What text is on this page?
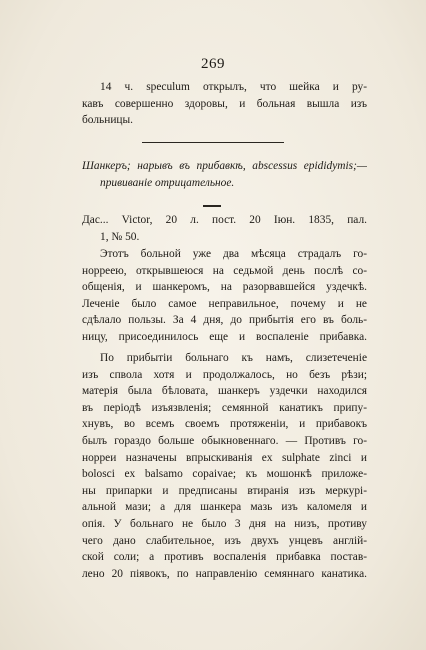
269
14 ч. speculum открылъ, что шейка и ру-
кавъ совершенно здоровы, и больная вышла изъ
больницы.
Шанкеръ; нарывъ въ прибавкѣ, abscessus epididymis;—
прививаніе отрицательное.
Дас... Victor, 20 л. пост. 20 Іюн. 1835, пал.
1, № 50.
Этотъ больной уже два мѣсяца страдалъ го-
норреею, открывшеюся на седьмой день послѣ со-
общенія, и шанкеромъ, на разорвавшейся уздечкѣ.
Леченіе было самое неправильное, почему и не
сдѣлало пользы. За 4 дня, до прибытія его въ боль-
ницу, присоединилось еще и воспаленіе прибавка.
По прибытіи больнаго къ намъ, слизетеченіе
изъ спвола хотя и продолжалось, но безъ рѣзи;
матерія была бѣловата, шанкеръ уздечки находился
въ періодѣ изъязвленія; семянной канатикъ припу-
хнувъ, во всемъ своемъ протяженіи, и прибавокъ
былъ гораздо больше обыкновеннаго. — Противъ го-
норреи назначены впрыскиванія ex sulphate zinci и
bolosci ex balsamo copaivae; къ мошонкѣ приложе-
ны припарки и предписаны втиранія изъ меркурі-
альной мази; а для шанкера мазь изъ каломеля и
опія. У больнаго не было 3 дня на низъ, противу
чего дано слабительное, изъ двухъ унцевъ англій-
ской соли; а противъ воспаленія прибавка постав-
лено 20 піявокъ, по направленію семяннаго канатика.
